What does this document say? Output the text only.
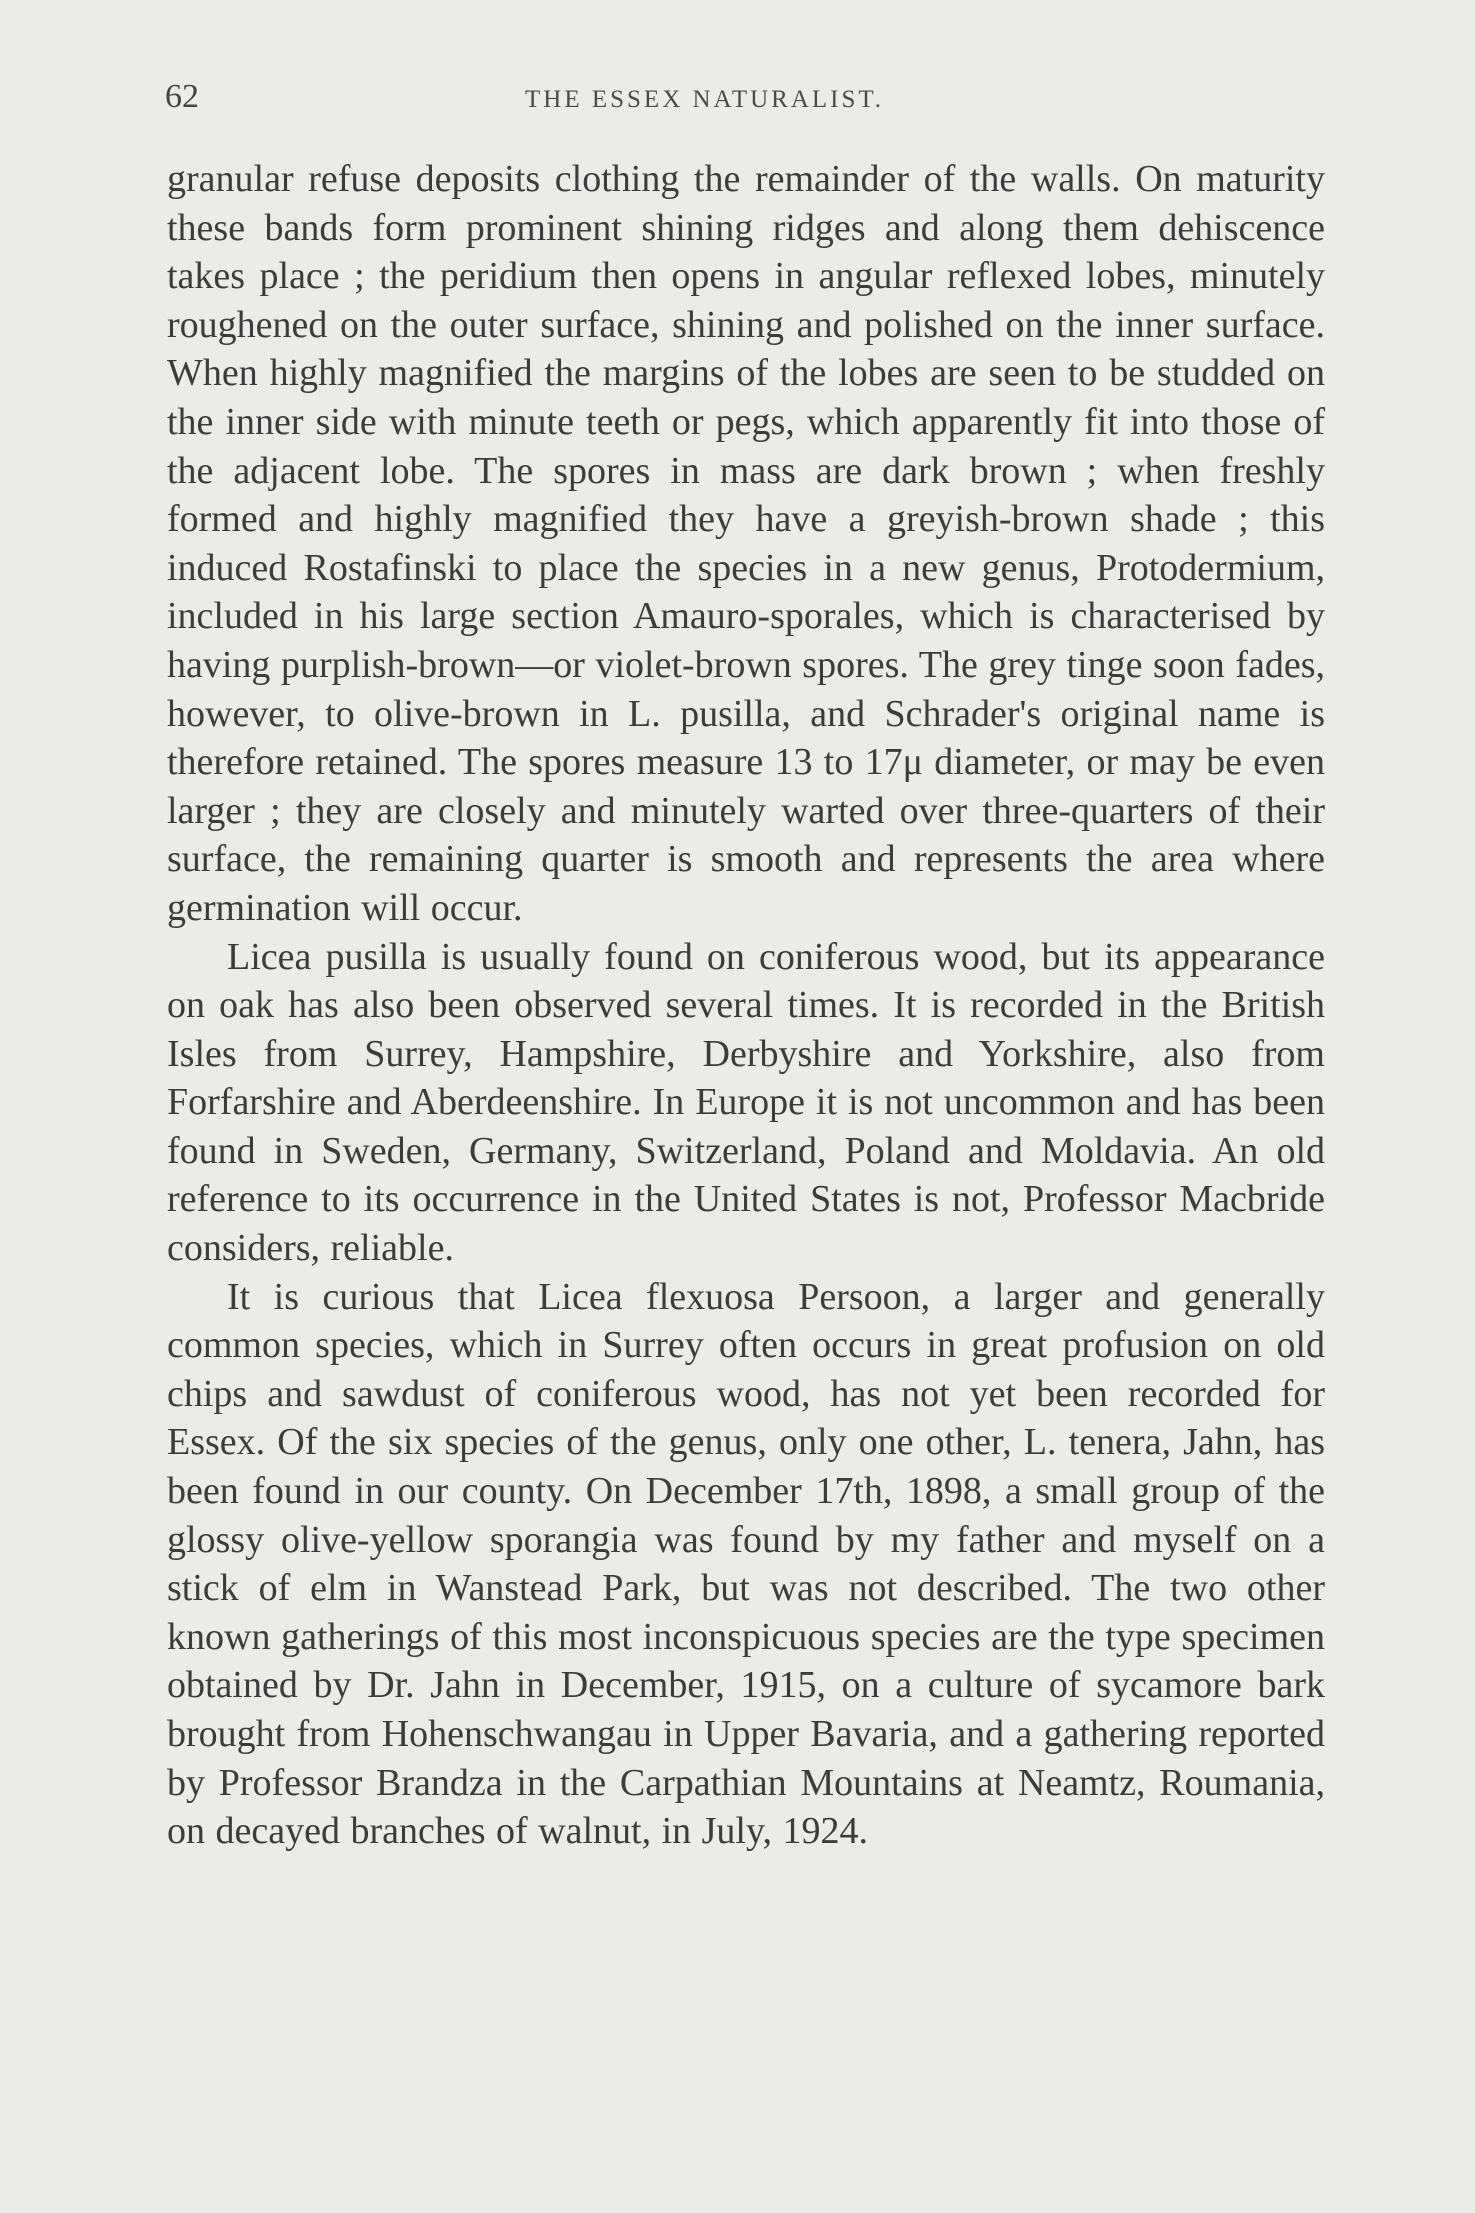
62	THE ESSEX NATURALIST.

granular refuse deposits clothing the remainder of the walls. On maturity these bands form prominent shining ridges and along them dehiscence takes place ; the peridium then opens in angular reflexed lobes, minutely roughened on the outer surface, shining and polished on the inner surface. When highly magnified the margins of the lobes are seen to be studded on the inner side with minute teeth or pegs, which apparently fit into those of the adjacent lobe. The spores in mass are dark brown ; when freshly formed and highly magnified they have a greyish-brown shade ; this induced Rostafinski to place the species in a new genus, Protodermium, included in his large section Amauro-sporales, which is characterised by having purplish-brown—or violet-brown spores. The grey tinge soon fades, however, to olive-brown in L. pusilla, and Schrader's original name is therefore retained. The spores measure 13 to 17μ diameter, or may be even larger ; they are closely and minutely warted over three-quarters of their surface, the remaining quarter is smooth and represents the area where germination will occur.

Licea pusilla is usually found on coniferous wood, but its appearance on oak has also been observed several times. It is recorded in the British Isles from Surrey, Hampshire, Derbyshire and Yorkshire, also from Forfarshire and Aberdeenshire. In Europe it is not uncommon and has been found in Sweden, Germany, Switzerland, Poland and Moldavia. An old reference to its occurrence in the United States is not, Professor Macbride considers, reliable.

It is curious that Licea flexuosa Persoon, a larger and generally common species, which in Surrey often occurs in great profusion on old chips and sawdust of coniferous wood, has not yet been recorded for Essex. Of the six species of the genus, only one other, L. tenera, Jahn, has been found in our county. On December 17th, 1898, a small group of the glossy olive-yellow sporangia was found by my father and myself on a stick of elm in Wanstead Park, but was not described. The two other known gatherings of this most inconspicuous species are the type specimen obtained by Dr. Jahn in December, 1915, on a culture of sycamore bark brought from Hohenschwangau in Upper Bavaria, and a gathering reported by Professor Brandza in the Carpathian Mountains at Neamtz, Roumania, on decayed branches of walnut, in July, 1924.
